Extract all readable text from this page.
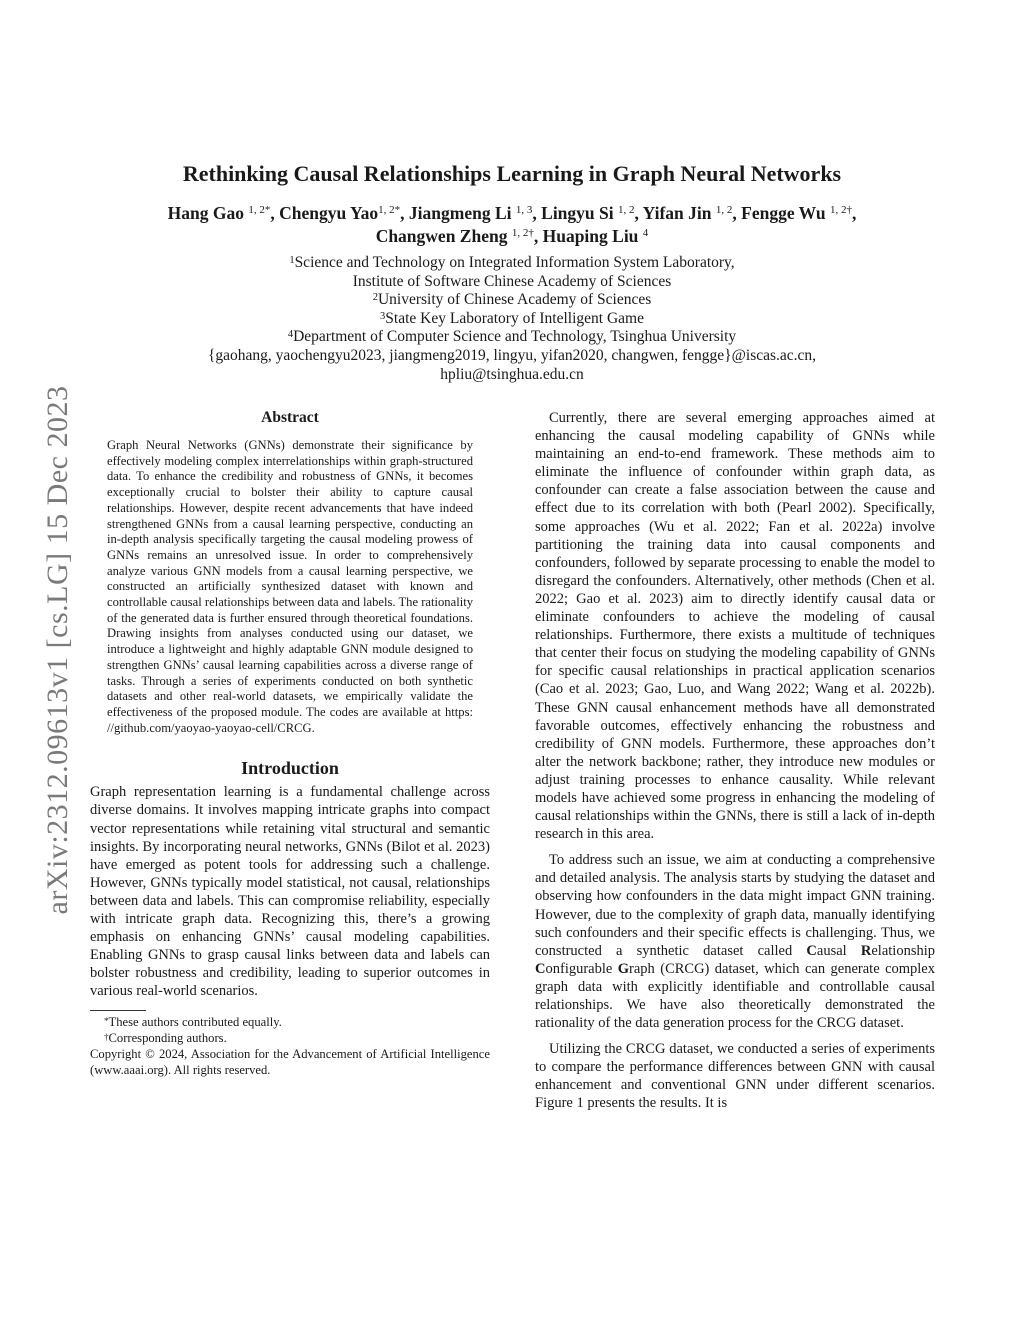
arXiv:2312.09613v1 [cs.LG] 15 Dec 2023
Rethinking Causal Relationships Learning in Graph Neural Networks
Hang Gao $^{1, 2*}$, Chengyu Yao$^{1, 2*}$, Jiangmeng Li $^{1, 3}$, Lingyu Si $^{1, 2}$, Yifan Jin $^{1, 2}$, Fengge Wu $^{1, 2\dagger}$,
Changwen Zheng $^{1, 2\dagger}$, Huaping Liu $^4$
$^1$Science and Technology on Integrated Information System Laboratory,
Institute of Software Chinese Academy of Sciences
$^2$University of Chinese Academy of Sciences
$^3$State Key Laboratory of Intelligent Game
$^4$Department of Computer Science and Technology, Tsinghua University
{gaohang, yaochengyu2023, jiangmeng2019, lingyu, yifan2020, changwen, fengge}@iscas.ac.cn,
hpliu@tsinghua.edu.cn
Abstract

Graph Neural Networks (GNNs) demonstrate their significance by effectively modeling complex interrelationships within graph-structured data. To enhance the credibility and robustness of GNNs, it becomes exceptionally crucial to bolster their ability to capture causal relationships. However, despite recent advancements that have indeed strengthened GNNs from a causal learning perspective, conducting an in-depth analysis specifically targeting the causal modeling prowess of GNNs remains an unresolved issue. In order to comprehensively analyze various GNN models from a causal learning perspective, we constructed an artificially synthesized dataset with known and controllable causal relationships between data and labels. The rationality of the generated data is further ensured through theoretical foundations. Drawing insights from analyses conducted using our dataset, we introduce a lightweight and highly adaptable GNN module designed to strengthen GNNs’ causal learning capabilities across a diverse range of tasks. Through a series of experiments conducted on both synthetic datasets and other real-world datasets, we empirically validate the effectiveness of the proposed module. The codes are available at https: //github.com/yaoyao-yaoyao-cell/CRCG.

Introduction

Graph representation learning is a fundamental challenge across diverse domains. It involves mapping intricate graphs into compact vector representations while retaining vital structural and semantic insights. By incorporating neural networks, GNNs (Bilot et al. 2023) have emerged as potent tools for addressing such a challenge. However, GNNs typically model statistical, not causal, relationships between data and labels. This can compromise reliability, especially with intricate graph data. Recognizing this, there’s a growing emphasis on enhancing GNNs’ causal modeling capabilities. Enabling GNNs to grasp causal links between data and labels can bolster robustness and credibility, leading to superior outcomes in various real-world scenarios.

*These authors contributed equally.

†Corresponding authors.

Copyright © 2024, Association for the Advancement of Artificial Intelligence (www.aaai.org). All rights reserved.

Currently, there are several emerging approaches aimed at enhancing the causal modeling capability of GNNs while maintaining an end-to-end framework. These methods aim to eliminate the influence of confounder within graph data, as confounder can create a false association between the cause and effect due to its correlation with both (Pearl 2002). Specifically, some approaches (Wu et al. 2022; Fan et al. 2022a) involve partitioning the training data into causal components and confounders, followed by separate processing to enable the model to disregard the confounders. Alternatively, other methods (Chen et al. 2022; Gao et al. 2023) aim to directly identify causal data or eliminate confounders to achieve the modeling of causal relationships. Furthermore, there exists a multitude of techniques that center their focus on studying the modeling capability of GNNs for specific causal relationships in practical application scenarios (Cao et al. 2023; Gao, Luo, and Wang 2022; Wang et al. 2022b). These GNN causal enhancement methods have all demonstrated favorable outcomes, effectively enhancing the robustness and credibility of GNN models. Furthermore, these approaches don’t alter the network backbone; rather, they introduce new modules or adjust training processes to enhance causality. While relevant models have achieved some progress in enhancing the modeling of causal relationships within the GNNs, there is still a lack of in-depth research in this area.

To address such an issue, we aim at conducting a comprehensive and detailed analysis. The analysis starts by studying the dataset and observing how confounders in the data might impact GNN training. However, due to the complexity of graph data, manually identifying such confounders and their specific effects is challenging. Thus, we constructed a synthetic dataset called Causal Relationship Configurable Graph (CRCG) dataset, which can generate complex graph data with explicitly identifiable and controllable causal relationships. We have also theoretically demonstrated the rationality of the data generation process for the CRCG dataset.

Utilizing the CRCG dataset, we conducted a series of experiments to compare the performance differences between GNN with causal enhancement and conventional GNN under different scenarios. Figure 1 presents the results. It is
